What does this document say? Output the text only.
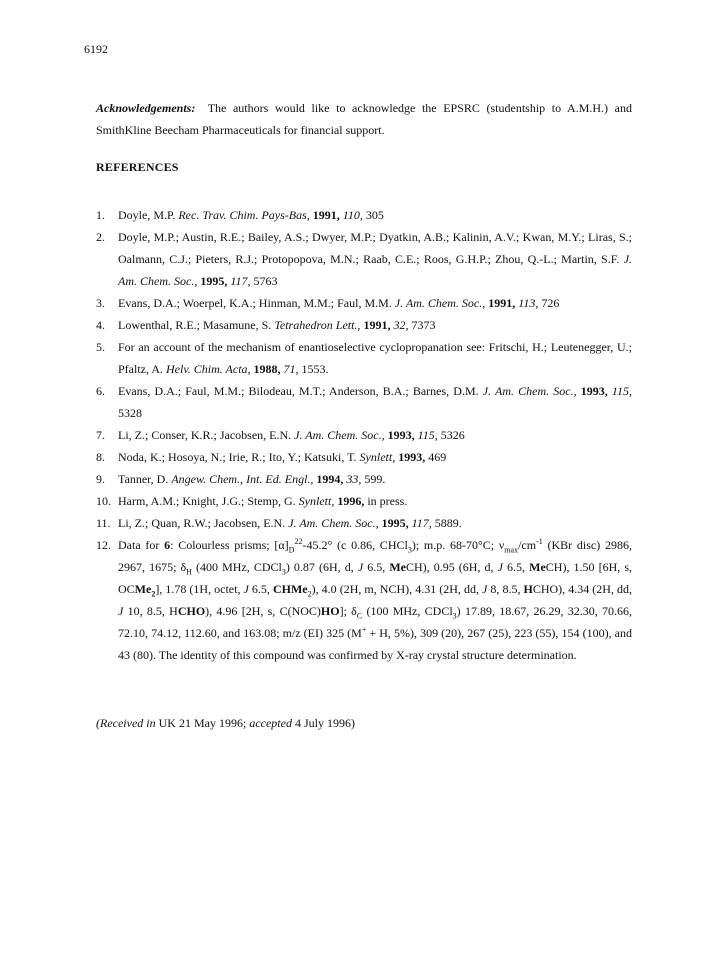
6192
Acknowledgements: The authors would like to acknowledge the EPSRC (studentship to A.M.H.) and SmithKline Beecham Pharmaceuticals for financial support.
REFERENCES
1.	Doyle, M.P. Rec. Trav. Chim. Pays-Bas, 1991, 110, 305
2.	Doyle, M.P.; Austin, R.E.; Bailey, A.S.; Dwyer, M.P.; Dyatkin, A.B.; Kalinin, A.V.; Kwan, M.Y.; Liras, S.; Oalmann, C.J.; Pieters, R.J.; Protopopova, M.N.; Raab, C.E.; Roos, G.H.P.; Zhou, Q.-L.; Martin, S.F. J. Am. Chem. Soc., 1995, 117, 5763
3.	Evans, D.A.; Woerpel, K.A.; Hinman, M.M.; Faul, M.M. J. Am. Chem. Soc., 1991, 113, 726
4.	Lowenthal, R.E.; Masamune, S. Tetrahedron Lett., 1991, 32, 7373
5.	For an account of the mechanism of enantioselective cyclopropanation see: Fritschi, H.; Leutenegger, U.; Pfaltz, A. Helv. Chim. Acta, 1988, 71, 1553.
6.	Evans, D.A.; Faul, M.M.; Bilodeau, M.T.; Anderson, B.A.; Barnes, D.M. J. Am. Chem. Soc., 1993, 115, 5328
7.	Li, Z.; Conser, K.R.; Jacobsen, E.N. J. Am. Chem. Soc., 1993, 115, 5326
8.	Noda, K.; Hosoya, N.; Irie, R.; Ito, Y.; Katsuki, T. Synlett, 1993, 469
9.	Tanner, D. Angew. Chem., Int. Ed. Engl., 1994, 33, 599.
10. Harm, A.M.; Knight, J.G.; Stemp, G. Synlett, 1996, in press.
11. Li, Z.; Quan, R.W.; Jacobsen, E.N. J. Am. Chem. Soc., 1995, 117, 5889.
12. Data for 6: Colourless prisms; $[\alpha]_D^{22}-45.2^\circ$ (c 0.86, CHCl$_3$); m.p. 68-70°C; $\nu_{max}/cm^{-1}$ (KBr disc) 2986, 2967, 1675; $\delta_H$ (400 MHz, CDCl$_3$) 0.87 (6H, d, J 6.5, MeCH), 0.95 (6H, d, J 6.5, MeCH), 1.50 [6H, s, OCMe$_2$], 1.78 (1H, octet, J 6.5, CHMe$_2$), 4.0 (2H, m, NCH), 4.31 (2H, dd, J 8, 8.5, HCHO), 4.34 (2H, dd, J 10, 8.5, HCHO), 4.96 [2H, s, C(NOC)HO]; $\delta_C$ (100 MHz, CDCl$_3$) 17.89, 18.67, 26.29, 32.30, 70.66, 72.10, 74.12, 112.60, and 163.08; m/z (EI) 325 (M+ + H, 5%), 309 (20), 267 (25), 223 (55), 154 (100), and 43 (80). The identity of this compound was confirmed by X-ray crystal structure determination.
(Received in UK 21 May 1996; accepted 4 July 1996)
